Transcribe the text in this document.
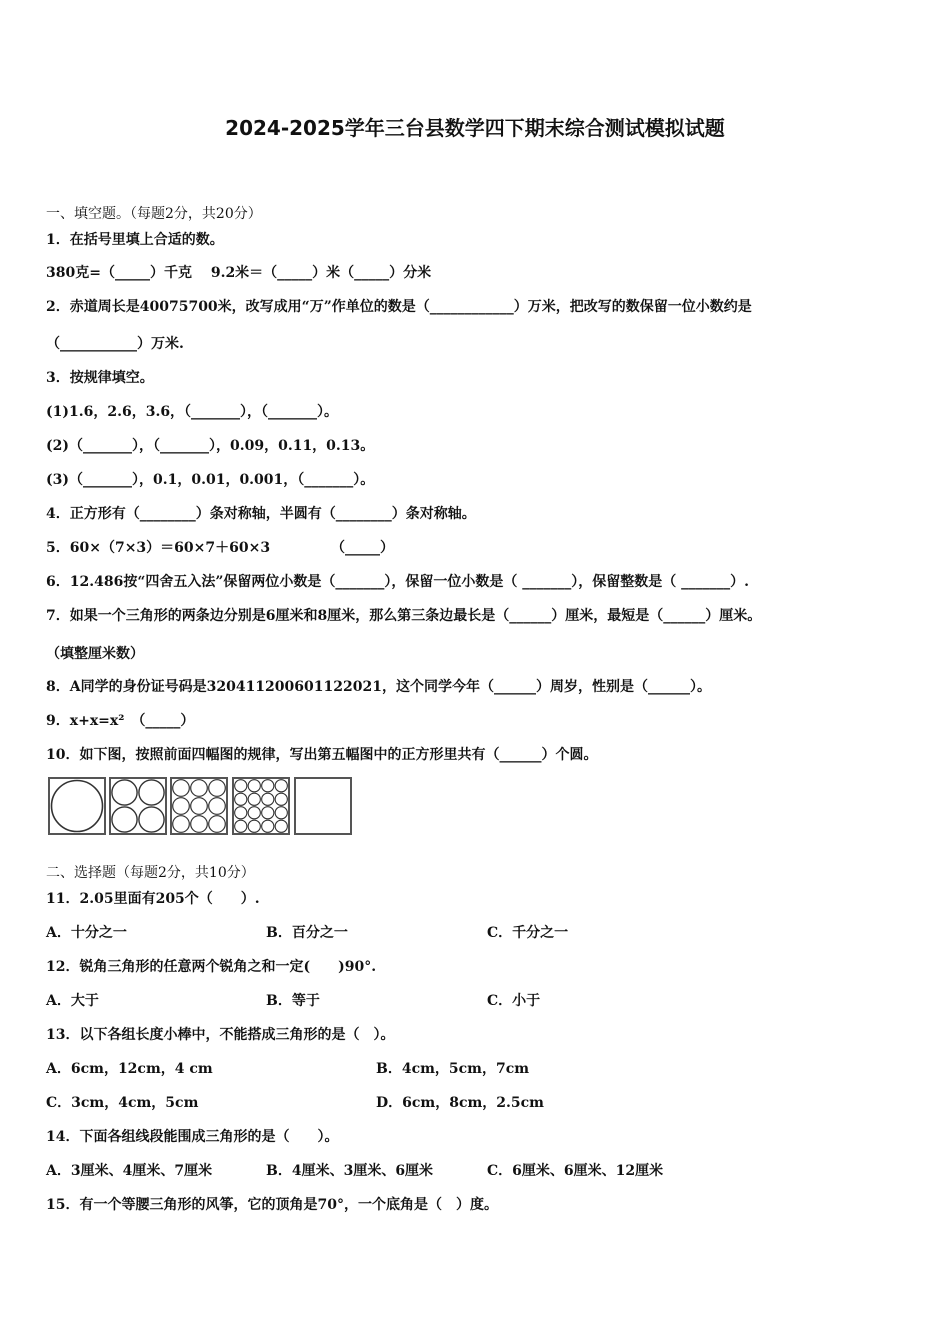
2024-2025学年三台县数学四下期末综合测试模拟试题
一、填空题。（每题2分，共20分）
1．在括号里填上合适的数。
380克=（_____）千克　 9.2米＝（_____）米（_____）分米
2．赤道周长是40075700米，改写成用“万”作单位的数是（____________）万米，把改写的数保留一位小数约是
（___________）万米.
3．按规律填空。
(1)1.6，2.6，3.6，（_______），（_______）。
(2)（_______），（_______），0.09，0.11，0.13。
(3)（_______），0.1，0.01，0.001，（_______）。
4．正方形有（________）条对称轴，半圆有（________）条对称轴。
5．60×（7×3）＝60×7＋60×3　　　　 （_____）
6．12.486按“四舍五入法”保留两位小数是（_______），保留一位小数是（ _______），保留整数是（ _______）.
7．如果一个三角形的两条边分别是6厘米和8厘米，那么第三条边最长是（______）厘米，最短是（______）厘米。
（填整厘米数）
8．A同学的身份证号码是320411200601122021，这个同学今年（______）周岁，性别是（______）。
9．x+x=x²　（_____）
10．如下图，按照前面四幅图的规律，写出第五幅图中的正方形里共有（______）个圆。
二、选择题（每题2分，共10分）
11．2.05里面有205个（　　）.
A．十分之一	B．百分之一	C．千分之一
12．锐角三角形的任意两个锐角之和一定(　　)90°.
A．大于	B．等于	C．小于
13．以下各组长度小棒中，不能搭成三角形的是（　）。
A．6cm，12cm，4 cm	B．4cm，5cm，7cm
C．3cm，4cm，5cm	D．6cm，8cm，2.5cm
14．下面各组线段能围成三角形的是（　　）。
A．3厘米、4厘米、7厘米	B．4厘米、3厘米、6厘米	C．6厘米、6厘米、12厘米
15．有一个等腰三角形的风筝，它的顶角是70°，一个底角是（　）度。
